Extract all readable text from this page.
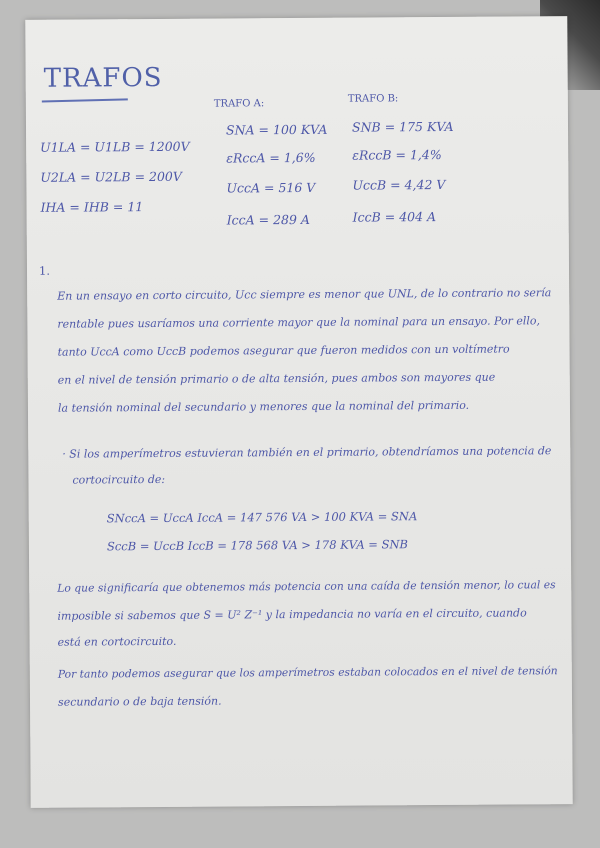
TRAFOS
TRAFO A:	TRAFO B:
U1LA = U1LB = 1200V
U2LA = U2LB = 200V
IHA = IHB = 11
SNA = 100 KVA
εRccA = 1,6%
UccA = 516 V
IccA = 289 A
SNB = 175 KVA
εRccB = 1,4%
UccB = 4,42 V
IccB = 404 A
1.
En un ensayo en corto circuito, Ucc siempre es menor que UNL, de lo contrario no sería
rentable pues usaríamos una corriente mayor que la nominal para un ensayo. Por ello,
tanto UccA como UccB podemos asegurar que fueron medidos con un voltímetro
en el nivel de tensión primario o de alta tensión, pues ambos son mayores que
la tensión nominal del secundario y menores que la nominal del primario.
· Si los amperímetros estuvieran también en el primario, obtendríamos una potencia de
cortocircuito de:
SNccA = UccA IccA = 147 576 VA > 100 KVA = SNA
SccB = UccB IccB = 178 568 VA > 178 KVA = SNB
Lo que significaría que obtenemos más potencia con una caída de tensión menor, lo cual es
imposible si sabemos que S = U² Z⁻¹ y la impedancia no varía en el circuito, cuando
está en cortocircuito.
Por tanto podemos asegurar que los amperímetros estaban colocados en el nivel de tensión
secundario o de baja tensión.
